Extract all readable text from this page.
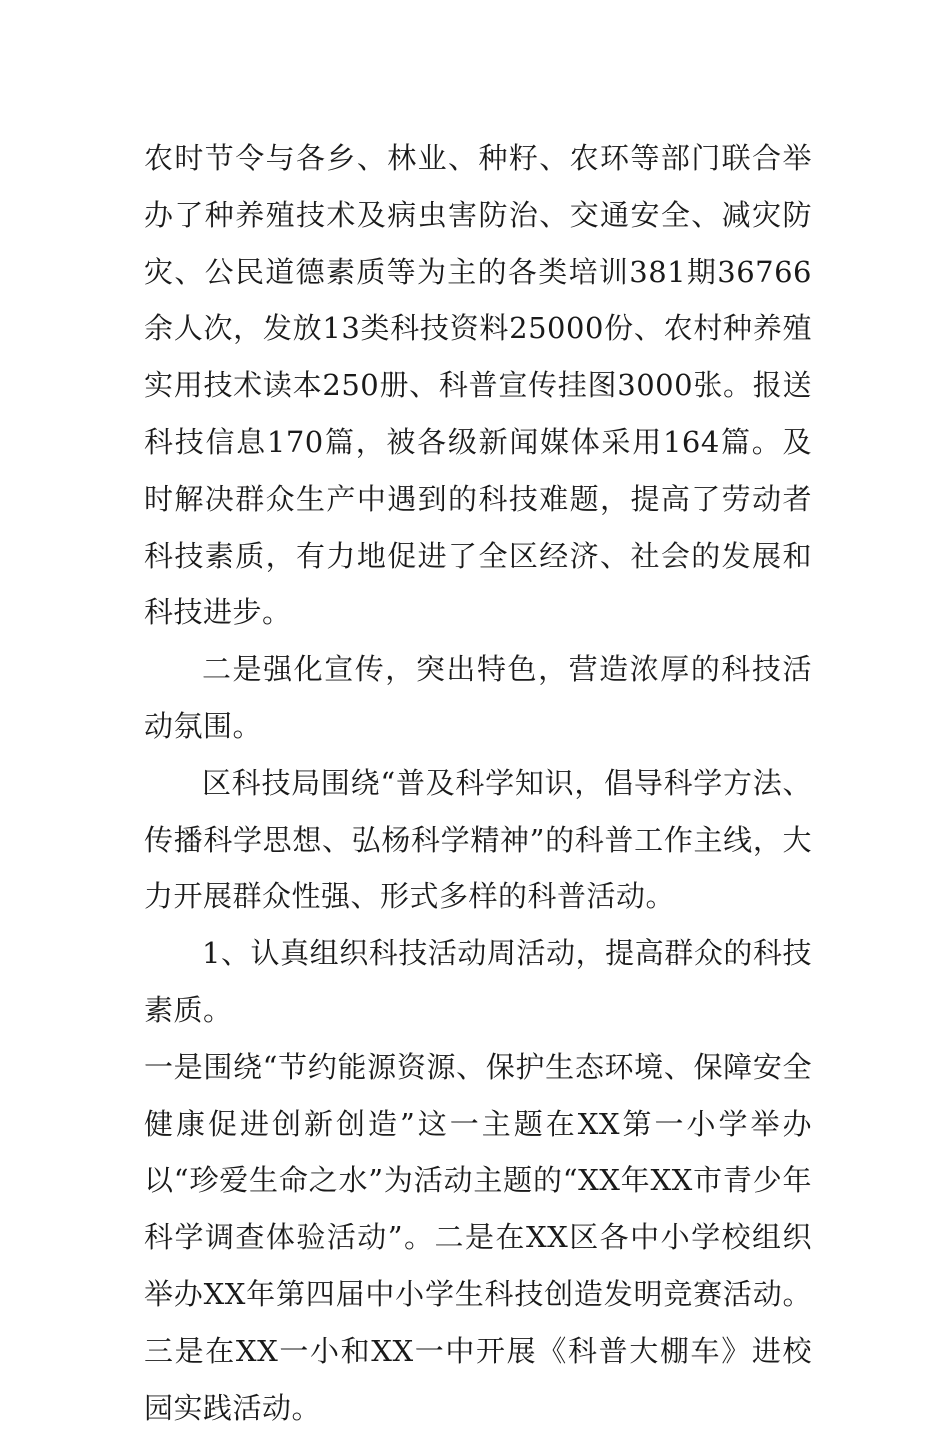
农时节令与各乡、林业、种籽、农环等部门联合举办了种养殖技术及病虫害防治、交通安全、减灾防灾、公民道德素质等为主的各类培训381期36766余人次，发放13类科技资料25000份、农村种养殖实用技术读本250册、科普宣传挂图3000张。报送科技信息170篇，被各级新闻媒体采用164篇。及时解决群众生产中遇到的科技难题，提高了劳动者科技素质，有力地促进了全区经济、社会的发展和科技进步。

二是强化宣传，突出特色，营造浓厚的科技活动氛围。

区科技局围绕“普及科学知识，倡导科学方法、传播科学思想、弘杨科学精神”的科普工作主线，大力开展群众性强、形式多样的科普活动。

1、认真组织科技活动周活动，提高群众的科技素质。

一是围绕“节约能源资源、保护生态环境、保障安全健康促进创新创造”这一主题在XX第一小学举办以“珍爱生命之水”为活动主题的“XX年XX市青少年科学调查体验活动”。二是在XX区各中小学校组织举办XX年第四届中小学生科技创造发明竞赛活动。三是在XX一小和XX一中开展《科普大棚车》进校园实践活动。
